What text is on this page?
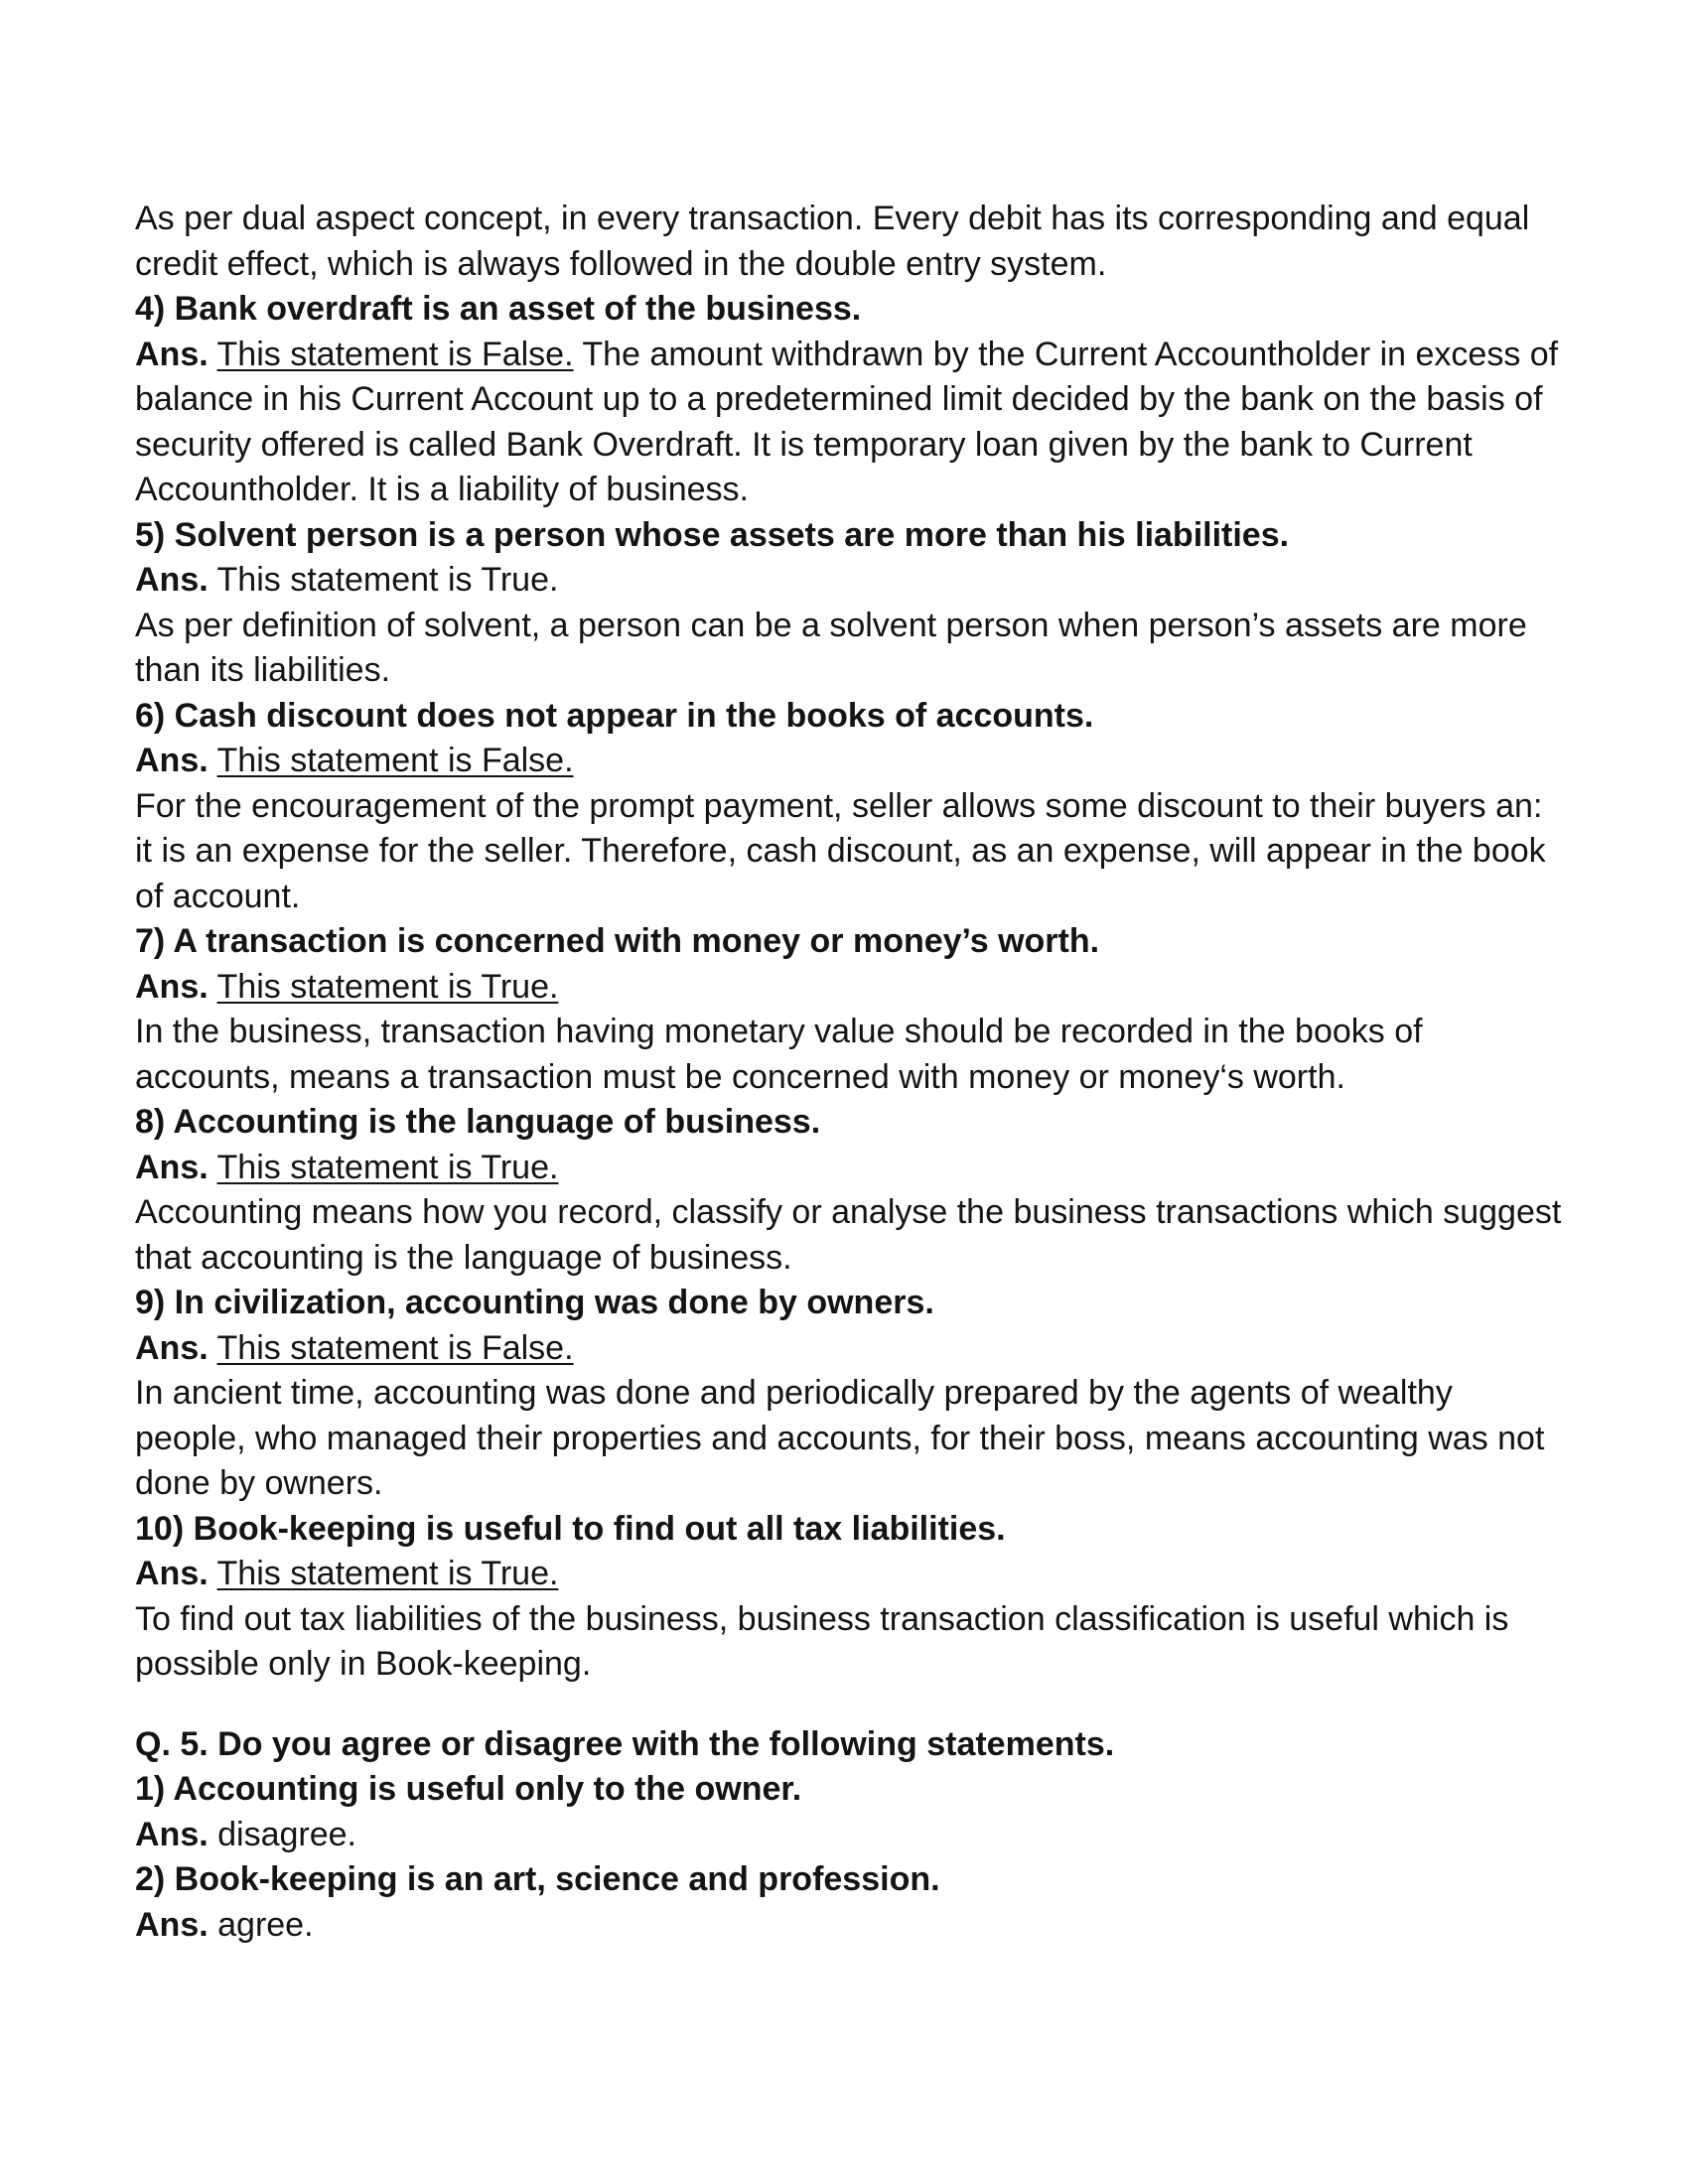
As per dual aspect concept, in every transaction. Every debit has its corresponding and equal credit effect, which is always followed in the double entry system.

4) Bank overdraft is an asset of the business.

Ans. This statement is False. The amount withdrawn by the Current Accountholder in excess of balance in his Current Account up to a predetermined limit decided by the bank on the basis of security offered is called Bank Overdraft. It is temporary loan given by the bank to Current Accountholder. It is a liability of business.

5) Solvent person is a person whose assets are more than his liabilities.

Ans. This statement is True.

As per definition of solvent, a person can be a solvent person when person’s assets are more than its liabilities.

6) Cash discount does not appear in the books of accounts.

Ans. This statement is False.

For the encouragement of the prompt payment, seller allows some discount to their buyers an: it is an expense for the seller. Therefore, cash discount, as an expense, will appear in the book of account.

7) A transaction is concerned with money or money’s worth.

Ans. This statement is True.

In the business, transaction having monetary value should be recorded in the books of accounts, means a transaction must be concerned with money or money‘s worth.

8) Accounting is the language of business.

Ans. This statement is True.

Accounting means how you record, classify or analyse the business transactions which suggest that accounting is the language of business.

9) In civilization, accounting was done by owners.

Ans. This statement is False.

In ancient time, accounting was done and periodically prepared by the agents of wealthy people, who managed their properties and accounts, for their boss, means accounting was not done by owners.

10) Book-keeping is useful to find out all tax liabilities.

Ans. This statement is True.

To find out tax liabilities of the business, business transaction classification is useful which is possible only in Book-keeping.

Q. 5. Do you agree or disagree with the following statements.

1) Accounting is useful only to the owner.

Ans. disagree.

2) Book-keeping is an art, science and profession.

Ans. agree.
